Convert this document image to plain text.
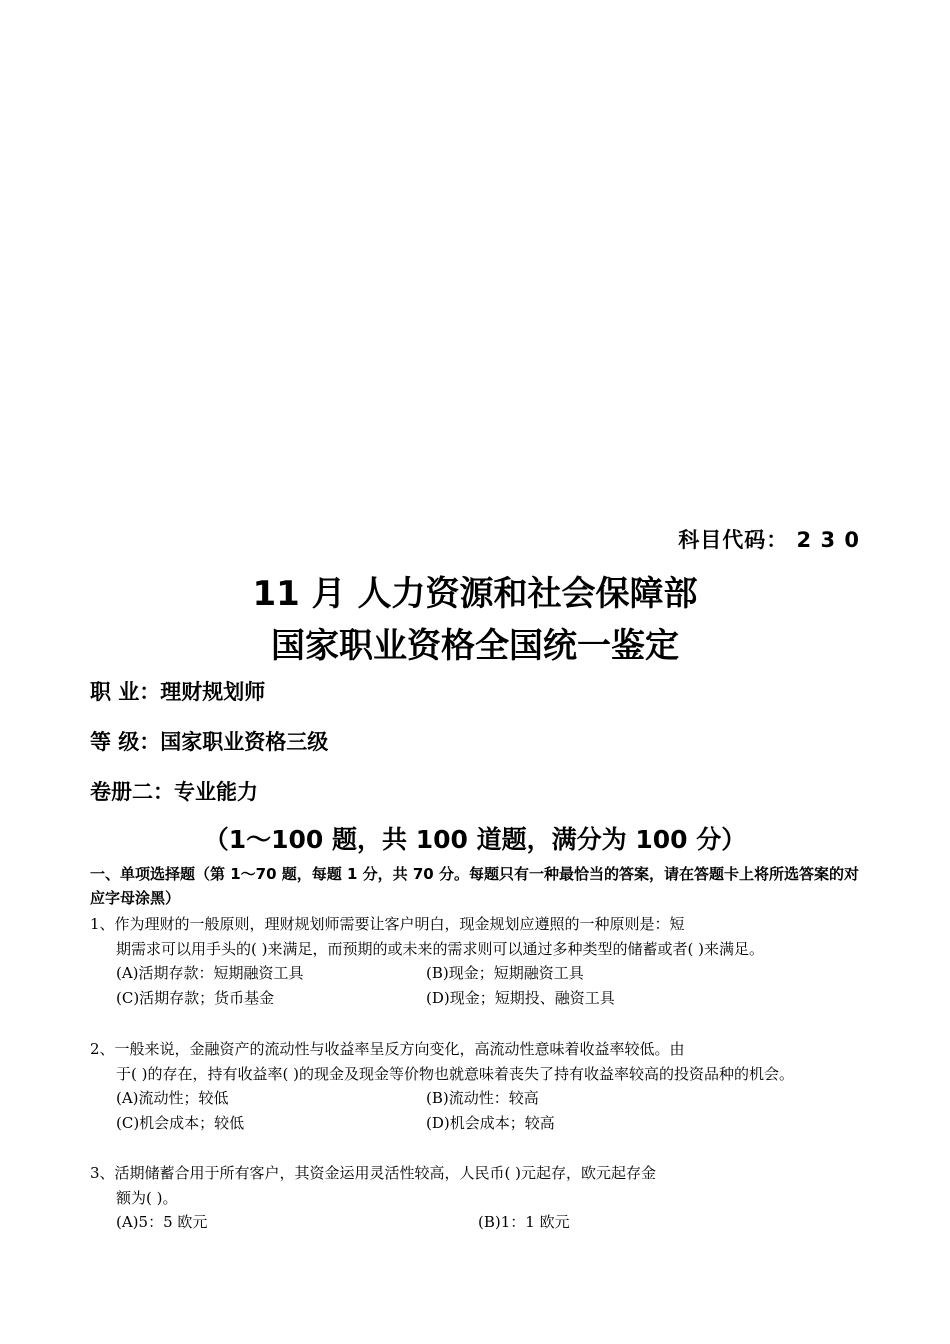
科目代码： 2 3 0
11 月 人力资源和社会保障部
国家职业资格全国统一鉴定
职 业：理财规划师
等 级：国家职业资格三级
卷册二：专业能力
（1～100 题，共 100 道题，满分为 100 分）
一、单项选择题（第 1～70 题，每题 1 分，共 70 分。每题只有一种最恰当的答案，请在答题卡上将所选答案的对应字母涂黑）
1、作为理财的一般原则，理财规划师需要让客户明白，现金规划应遵照的一种原则是：短
期需求可以用手头的( )来满足，而预期的或未来的需求则可以通过多种类型的储蓄或者( )来满足。
(A)活期存款：短期融资工具	(B)现金；短期融资工具
(C)活期存款；货币基金	(D)现金；短期投、融资工具
2、一般来说，金融资产的流动性与收益率呈反方向变化，高流动性意味着收益率较低。由
于( )的存在，持有收益率( )的现金及现金等价物也就意味着丧失了持有收益率较高的投资品种的机会。
(A)流动性；较低	(B)流动性：较高
(C)机会成本；较低	(D)机会成本；较高
3、活期储蓄合用于所有客户，其资金运用灵活性较高，人民币( )元起存，欧元起存金
额为( )。
(A)5：5 欧元	(B)1：1 欧元
